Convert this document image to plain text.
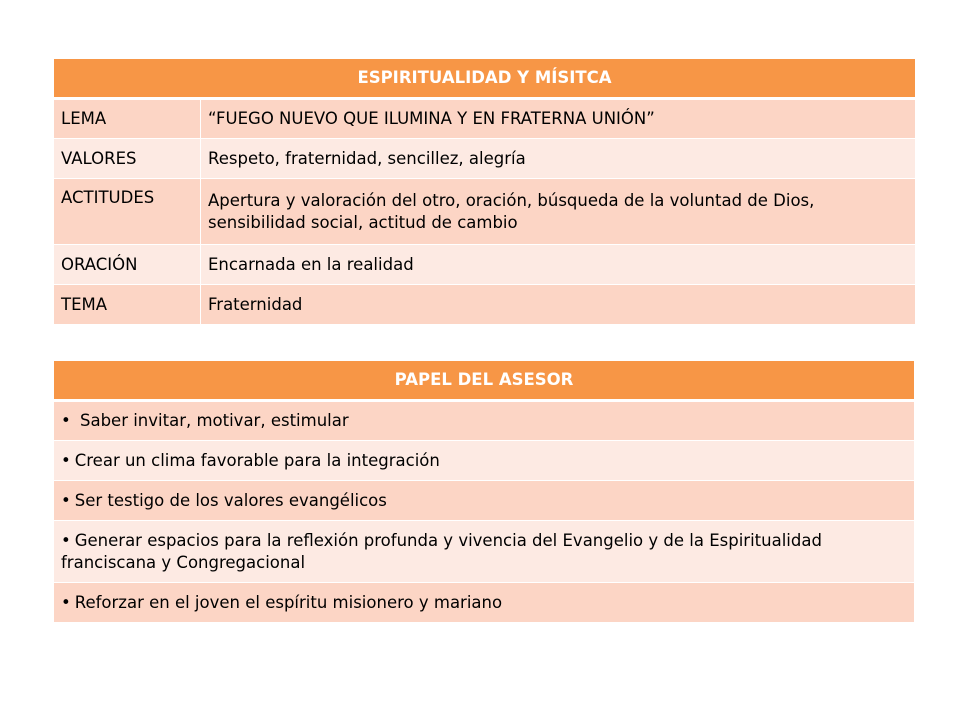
ESPIRITUALIDAD Y MÍSITCA	
LEMA	“FUEGO NUEVO QUE ILUMINA Y EN FRATERNA UNIÓN”
VALORES	Respeto, fraternidad, sencillez, alegría
ACTITUDES	Apertura y valoración del otro, oración, búsqueda de la voluntad de Dios, sensibilidad social, actitud de cambio
ORACIÓN	Encarnada en la realidad
TEMA	Fraternidad
PAPEL DEL ASESOR
• Saber invitar, motivar, estimular
• Crear un clima favorable para la integración
• Ser testigo de los valores evangélicos
• Generar espacios para la reflexión profunda y vivencia del Evangelio y de la Espiritualidad franciscana y Congregacional
• Reforzar en el joven el espíritu misionero y mariano
